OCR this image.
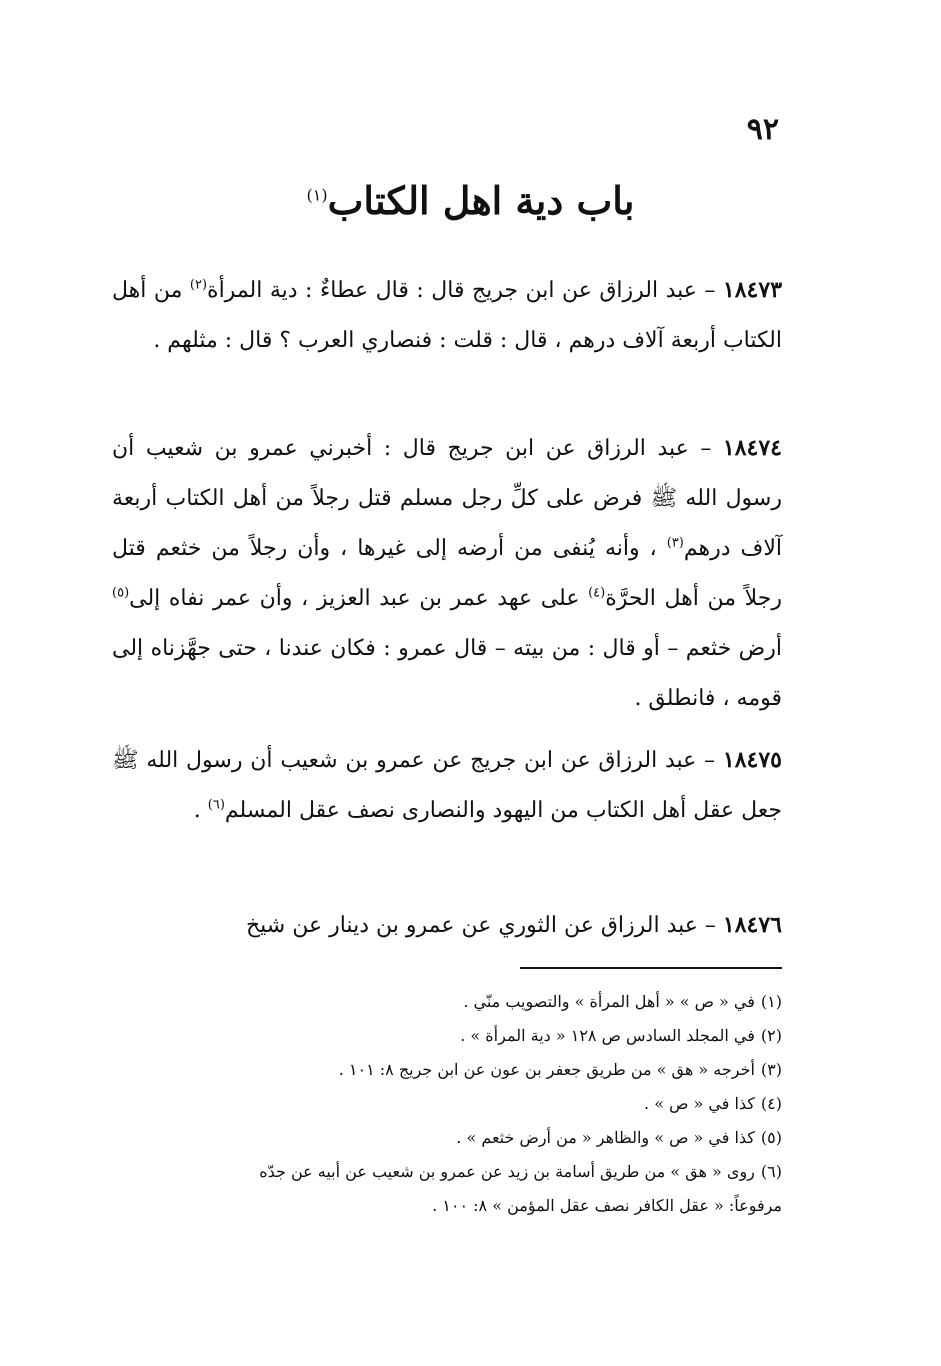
٩٢
باب دية اهل الكتاب$^{(١)}$
١٨٤٧٣ – عبد الرزاق عن ابن جريج قال : قال عطاءٌ : دية المرأة$^{(٢)}$ من أهل الكتاب أربعة آلاف درهم ، قال : قلت : فنصاري العرب ؟ قال : مثلهم .
١٨٤٧٤ – عبد الرزاق عن ابن جريج قال : أخبرني عمرو بن شعيب أن رسول الله ﷺ فرض على كلِّ رجل مسلم قتل رجلاً من أهل الكتاب أربعة آلاف درهم$^{(٣)}$ ، وأنه يُنفى من أرضه إلى غيرها ، وأن رجلاً من خثعم قتل رجلاً من أهل الحرَّة$^{(٤)}$ على عهد عمر بن عبد العزيز ، وأن عمر نفاه إلى$^{(٥)}$ أرض خثعم – أو قال : من بيته – قال عمرو : فكان عندنا ، حتى جهَّزناه إلى قومه ، فانطلق .
١٨٤٧٥ – عبد الرزاق عن ابن جريج عن عمرو بن شعيب أن رسول الله ﷺ جعل عقل أهل الكتاب من اليهود والنصارى نصف عقل المسلم$^{(٦)}$ .
١٨٤٧٦ – عبد الرزاق عن الثوري عن عمرو بن دينار عن شيخ
(١)في « ص » « أهل المرأة » والتصويب منّي .
(٢)في المجلد السادس ص ١٢٨ « دية المرأة » .
(٣)أخرجه « هق » من طريق جعفر بن عون عن ابن جريج ٨: ١٠١ .
(٤)كذا في « ص » .
(٥)كذا في « ص » والظاهر « من أرض خثعم » .
(٦)روى « هق » من طريق أسامة بن زيد عن عمرو بن شعيب عن أبيه عن جدّه
مرفوعاً: « عقل الكافر نصف عقل المؤمن » ٨: ١٠٠ .
